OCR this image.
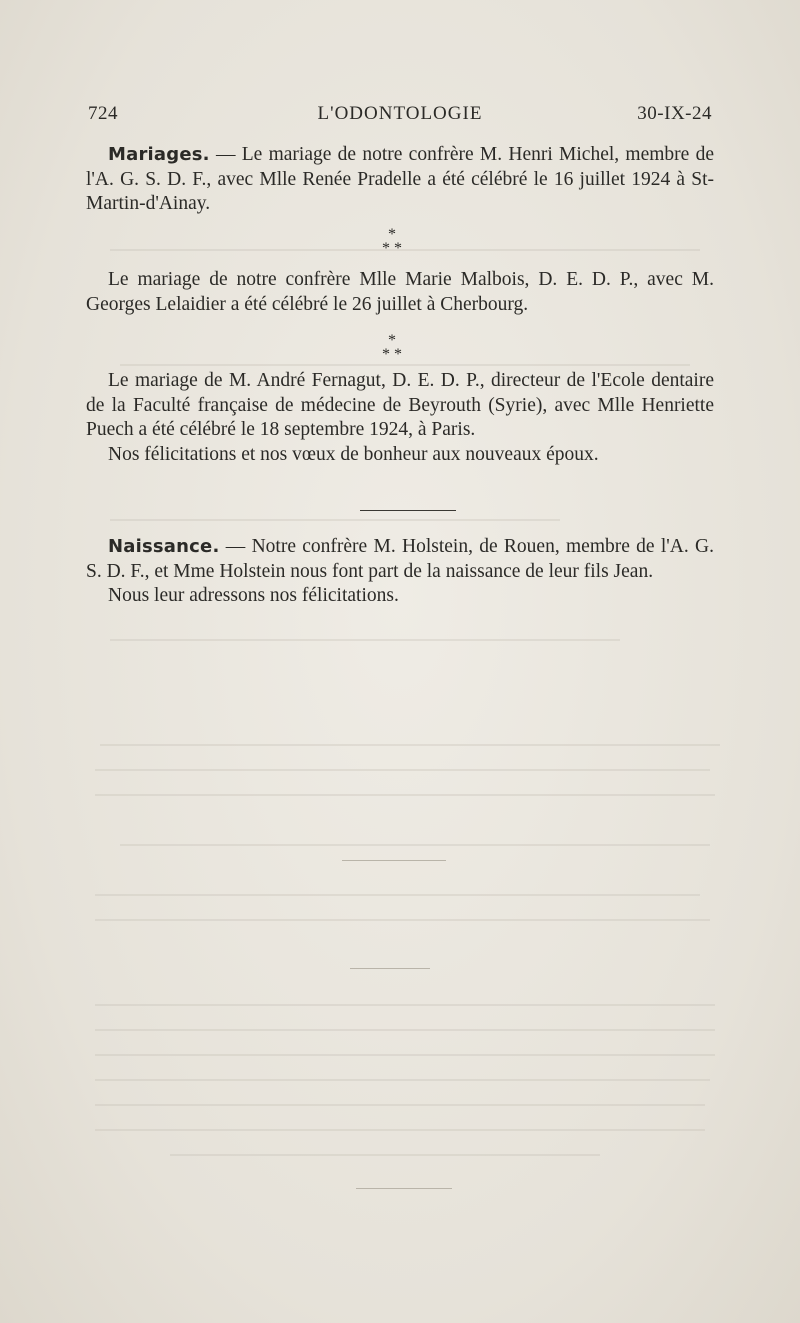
724	L'ODONTOLOGIE	30-IX-24

Mariages. — Le mariage de notre confrère M. Henri Michel, membre de l'A. G. S. D. F., avec Mlle Renée Pradelle a été célébré le 16 juillet 1924 à St-Martin-d'Ainay.

*
* *

Le mariage de notre confrère Mlle Marie Malbois, D. E. D. P., avec M. Georges Lelaidier a été célébré le 26 juillet à Cherbourg.

*
* *

Le mariage de M. André Fernagut, D. E. D. P., directeur de l'Ecole dentaire de la Faculté française de médecine de Beyrouth (Syrie), avec Mlle Henriette Puech a été célébré le 18 septembre 1924, à Paris.

Nos félicitations et nos vœux de bonheur aux nouveaux époux.

Naissance. — Notre confrère M. Holstein, de Rouen, membre de l'A. G. S. D. F., et Mme Holstein nous font part de la naissance de leur fils Jean.

Nous leur adressons nos félicitations.
